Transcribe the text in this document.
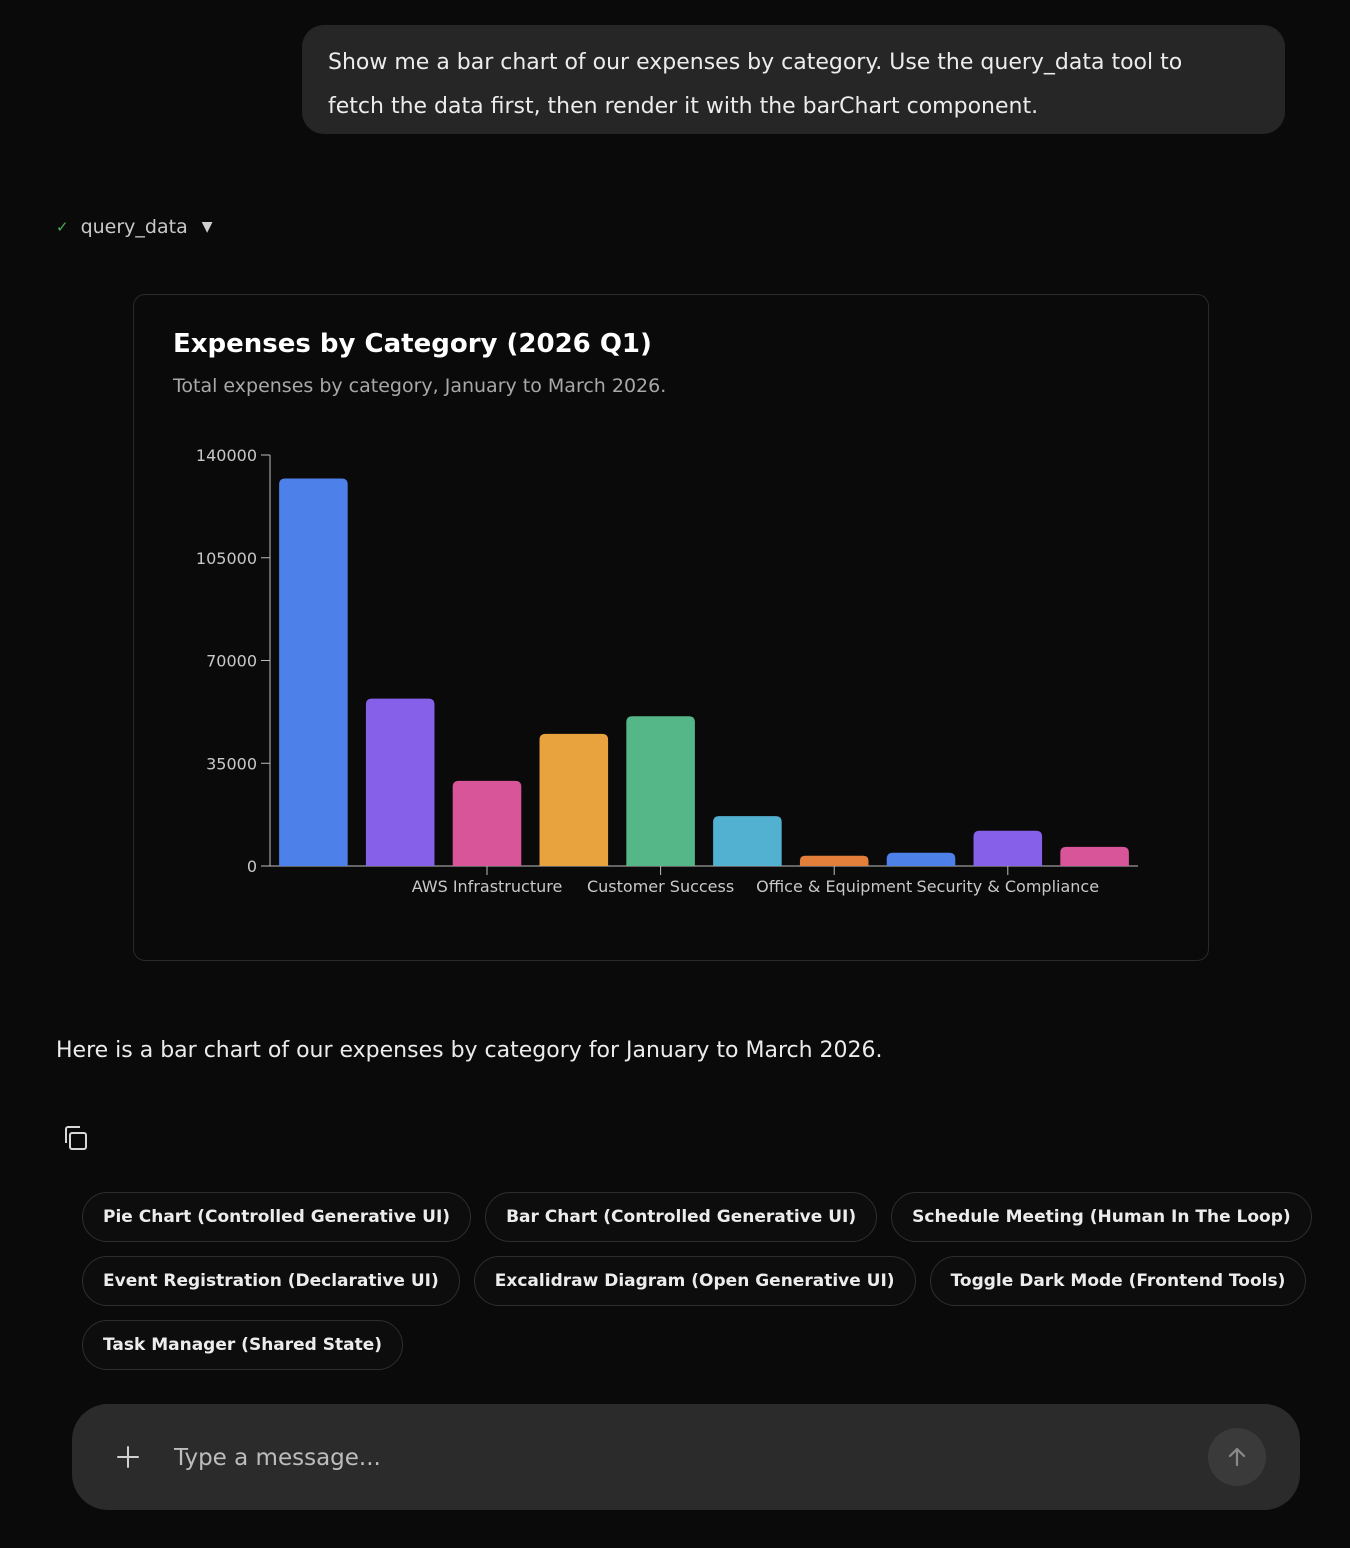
Show me a bar chart of our expenses by category. Use the query_data tool to
fetch the data first, then render it with the barChart component.
✓ query_data ▼
Expenses by Category (2026 Q1)
Total expenses by category, January to March 2026.
0
35000
70000
105000
140000
AWS Infrastructure Customer Success Office & Equipment Security & Compliance
Here is a bar chart of our expenses by category for January to March 2026.
Pie Chart (Controlled Generative UI)	Bar Chart (Controlled Generative UI)	Schedule Meeting (Human In The Loop)
Event Registration (Declarative UI)	Excalidraw Diagram (Open Generative UI)	Toggle Dark Mode (Frontend Tools)
Task Manager (Shared State)
Type a message...
